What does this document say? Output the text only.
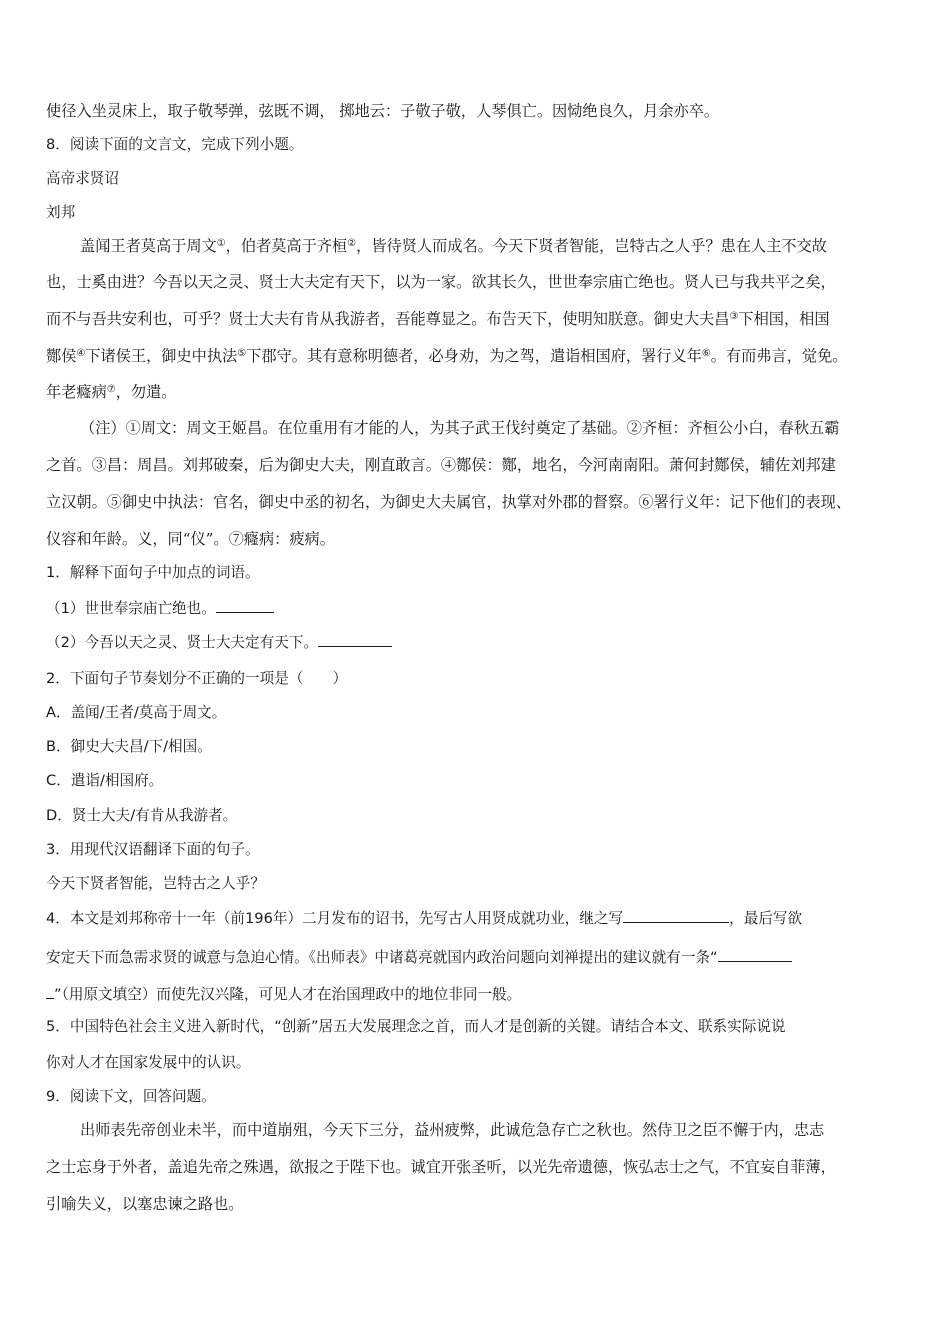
使径入坐灵床上，取子敬琴弹，弦既不调， 掷地云：子敬子敬，人琴俱亡。因恸绝良久，月余亦卒。
8．阅读下面的文言文，完成下列小题。
高帝求贤诏
刘邦
盖闻王者莫高于周文①，伯者莫高于齐桓②，皆待贤人而成名。今天下贤者智能，岂特古之人乎？患在人主不交故
也，士奚由进？今吾以天之灵、贤士大夫定有天下，以为一家。欲其长久，世世奉宗庙亡绝也。贤人已与我共平之矣，
而不与吾共安利也，可乎？贤士大夫有肯从我游者，吾能尊显之。布告天下，使明知朕意。御史大夫昌③下相国，相国
酂侯④下诸侯王，御史中执法⑤下郡守。其有意称明德者，必身劝，为之驾，遣诣相国府，署行义年⑥。有而弗言，觉免。
年老癃病⑦，勿遣。
（注）①周文：周文王姬昌。在位重用有才能的人，为其子武王伐纣奠定了基础。②齐桓：齐桓公小白，春秋五霸
之首。③昌：周昌。刘邦破秦，后为御史大夫，刚直敢言。④酂侯：酂，地名，今河南南阳。萧何封酂侯，辅佐刘邦建
立汉朝。⑤御史中执法：官名，御史中丞的初名，为御史大夫属官，执掌对外郡的督察。⑥署行义年：记下他们的表现、
仪容和年龄。义，同“仪”。⑦癃病：疲病。
1．解释下面句子中加点的词语。
（1）世世奉宗庙亡绝也。
（2）今吾以天之灵、贤士大夫定有天下。
2．下面句子节奏划分不正确的一项是（　　）
A．盖闻/王者/莫高于周文。
B．御史大夫昌/下/相国。
C．遣诣/相国府。
D．贤士大夫/有肯从我游者。
3．用现代汉语翻译下面的句子。
今天下贤者智能，岂特古之人乎？
4．本文是刘邦称帝十一年（前196年）二月发布的诏书，先写古人用贤成就功业，继之写	，最后写欲
安定天下而急需求贤的诚意与急迫心情。《出师表》中诸葛亮就国内政治问题向刘禅提出的建议就有一条“
”（用原文填空）而使先汉兴隆，可见人才在治国理政中的地位非同一般。
5．中国特色社会主义进入新时代，“创新”居五大发展理念之首，而人才是创新的关键。请结合本文、联系实际说说
你对人才在国家发展中的认识。
9．阅读下文，回答问题。
出师表先帝创业未半，而中道崩殂，今天下三分，益州疲弊，此诚危急存亡之秋也。然侍卫之臣不懈于内，忠志
之士忘身于外者，盖追先帝之殊遇，欲报之于陛下也。诚宜开张圣听，以光先帝遗德，恢弘志士之气，不宜妄自菲薄，
引喻失义，以塞忠谏之路也。
